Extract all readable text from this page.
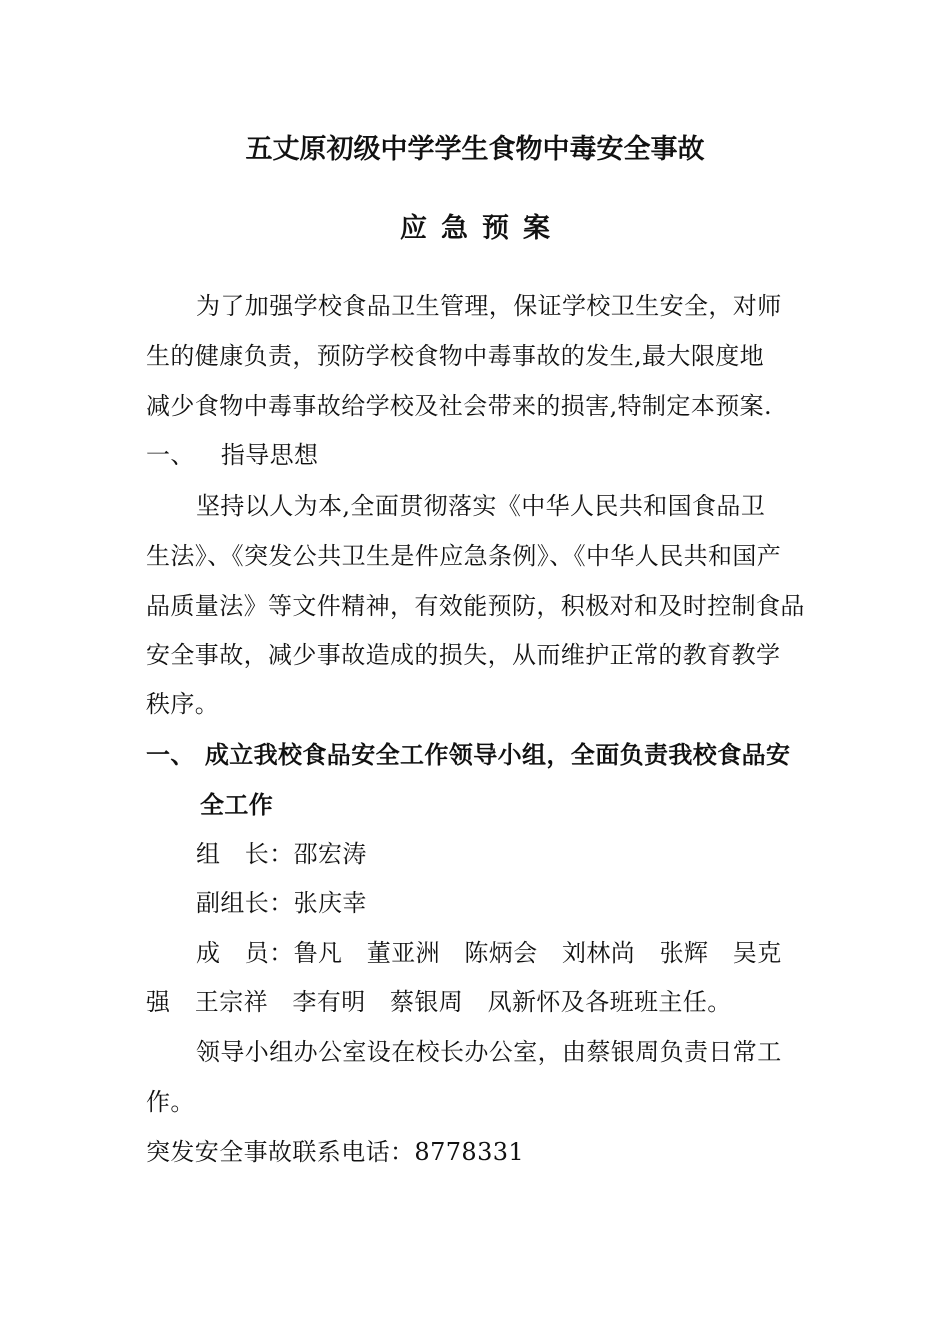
五丈原初级中学学生食物中毒安全事故
应急预案
为了加强学校食品卫生管理，保证学校卫生安全，对师
生的健康负责，预防学校食物中毒事故的发生,最大限度地
减少食物中毒事故给学校及社会带来的损害,特制定本预案.
一、 指导思想
坚持以人为本,全面贯彻落实《中华人民共和国食品卫
生法》、《突发公共卫生是件应急条例》、《中华人民共和国产
品质量法》等文件精神，有效能预防，积极对和及时控制食品
安全事故，减少事故造成的损失，从而维护正常的教育教学
秩序。
一、 成立我校食品安全工作领导小组，全面负责我校食品安
全工作
组　长：邵宏涛
副组长：张庆幸
成　员：鲁凡　董亚洲　陈炳会　刘林尚　张辉　吴克
强　王宗祥　李有明　蔡银周　凤新怀及各班班主任。
领导小组办公室设在校长办公室，由蔡银周负责日常工
作。
突发安全事故联系电话：8778331
